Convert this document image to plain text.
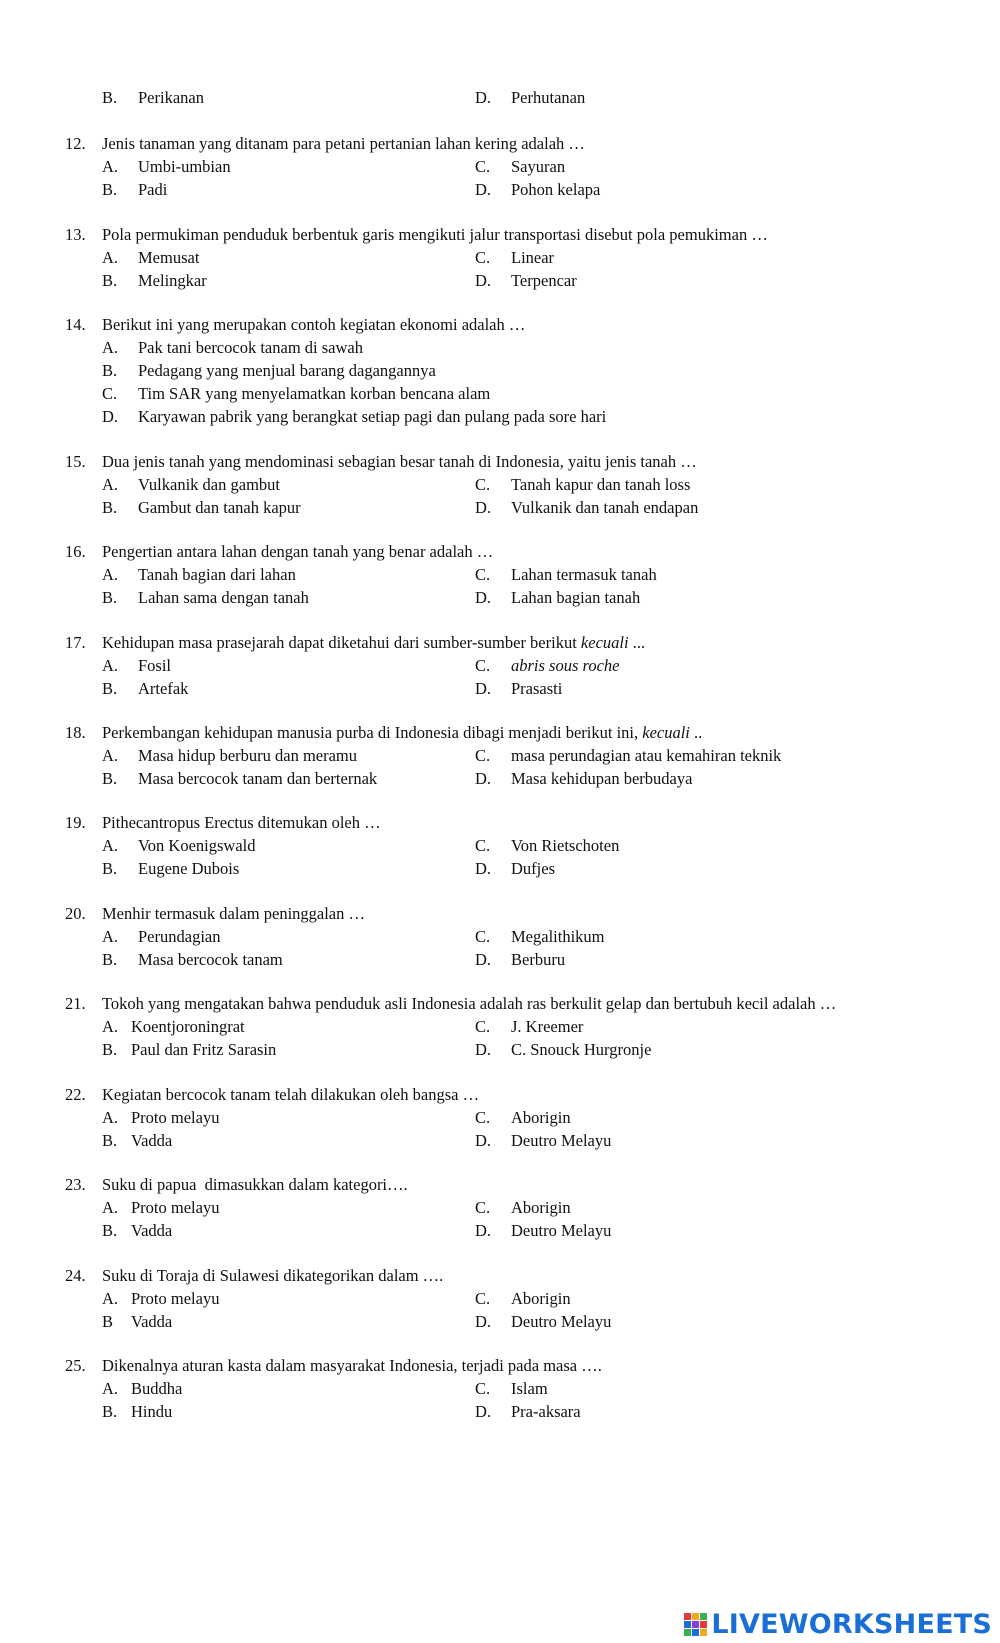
B. Perikanan	D. Perhutanan
12. Jenis tanaman yang ditanam para petani pertanian lahan kering adalah …
A. Umbi-umbian	C. Sayuran
B. Padi	D. Pohon kelapa
13. Pola permukiman penduduk berbentuk garis mengikuti jalur transportasi disebut pola pemukiman …
A. Memusat	C. Linear
B. Melingkar	D. Terpencar
14. Berikut ini yang merupakan contoh kegiatan ekonomi adalah …
A. Pak tani bercocok tanam di sawah
B. Pedagang yang menjual barang dagangannya
C. Tim SAR yang menyelamatkan korban bencana alam
D. Karyawan pabrik yang berangkat setiap pagi dan pulang pada sore hari
15. Dua jenis tanah yang mendominasi sebagian besar tanah di Indonesia, yaitu jenis tanah …
A. Vulkanik dan gambut	C. Tanah kapur dan tanah loss
B. Gambut dan tanah kapur	D. Vulkanik dan tanah endapan
16. Pengertian antara lahan dengan tanah yang benar adalah …
A. Tanah bagian dari lahan	C. Lahan termasuk tanah
B. Lahan sama dengan tanah	D. Lahan bagian tanah
17. Kehidupan masa prasejarah dapat diketahui dari sumber-sumber berikut kecuali ...
A. Fosil	C. abris sous roche
B. Artefak	D. Prasasti
18. Perkembangan kehidupan manusia purba di Indonesia dibagi menjadi berikut ini, kecuali ..
A. Masa hidup berburu dan meramu	C. masa perundagian atau kemahiran teknik
B. Masa bercocok tanam dan berternak	D. Masa kehidupan berbudaya
19. Pithecantropus Erectus ditemukan oleh …
A. Von Koenigswald	C. Von Rietschoten
B. Eugene Dubois	D. Dufjes
20. Menhir termasuk dalam peninggalan …
A. Perundagian	C. Megalithikum
B. Masa bercocok tanam	D. Berburu
21. Tokoh yang mengatakan bahwa penduduk asli Indonesia adalah ras berkulit gelap dan bertubuh kecil adalah …
A. Koentjoroningrat	C. J. Kreemer
B. Paul dan Fritz Sarasin	D. C. Snouck Hurgronje
22. Kegiatan bercocok tanam telah dilakukan oleh bangsa …
A. Proto melayu	C. Aborigin
B. Vadda	D. Deutro Melayu
23. Suku di papua  dimasukkan dalam kategori….
A. Proto melayu	C. Aborigin
B. Vadda	D. Deutro Melayu
24. Suku di Toraja di Sulawesi dikategorikan dalam ….
A. Proto melayu	C. Aborigin
B Vadda	D. Deutro Melayu
25. Dikenalnya aturan kasta dalam masyarakat Indonesia, terjadi pada masa ….
A. Buddha	C. Islam
B. Hindu	D. Pra-aksara
LIVEWORKSHEETS
